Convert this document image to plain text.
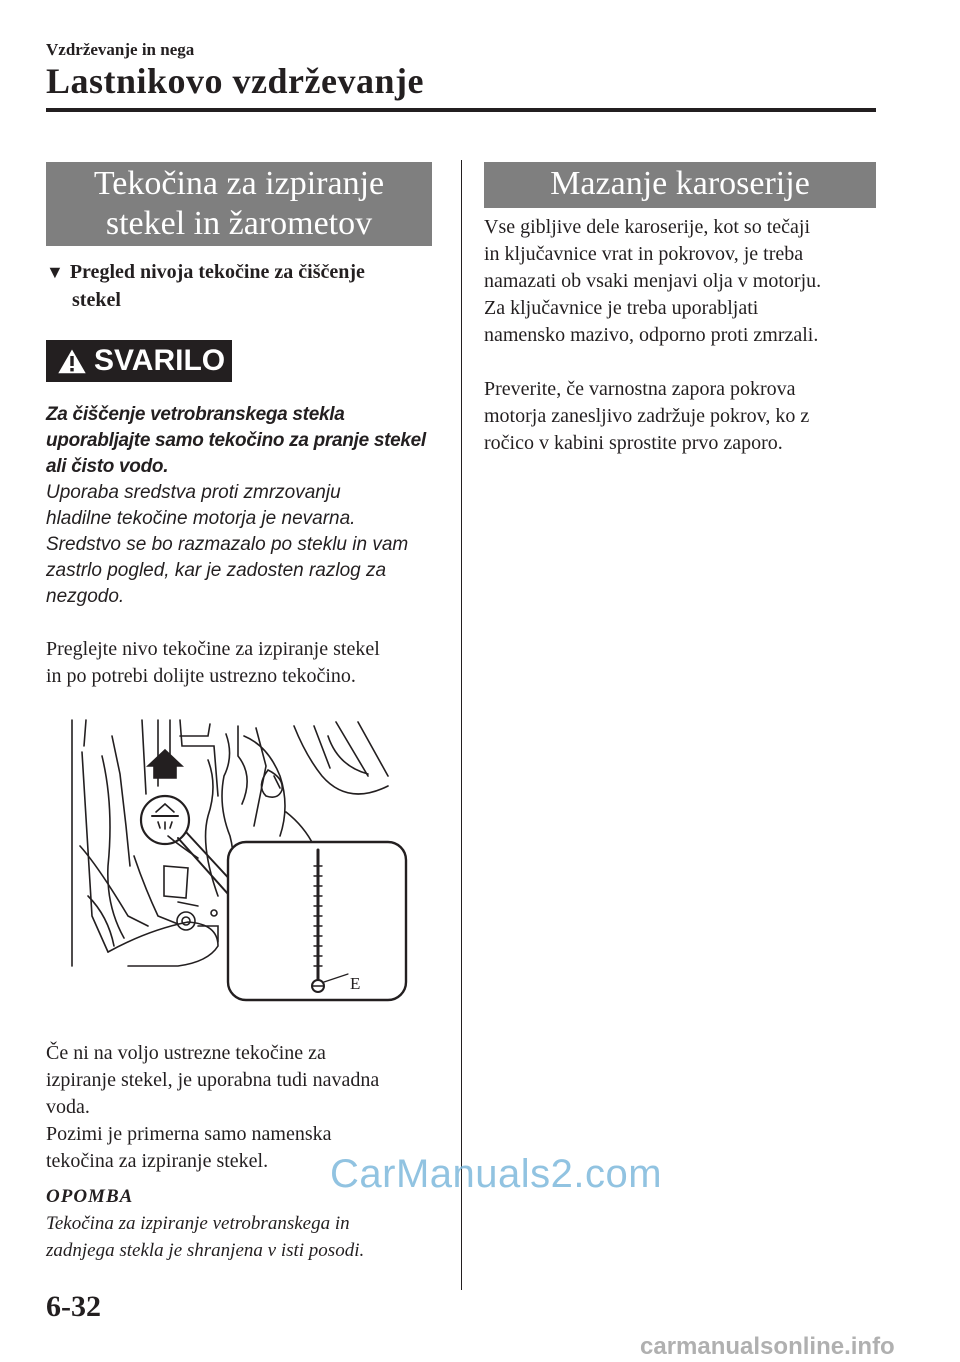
Vzdrževanje in nega
Lastnikovo vzdrževanje
Tekočina za izpiranje
stekel in žarometov
▼ Pregled nivoja tekočine za čiščenje
stekel
SVARILO
Za čiščenje vetrobranskega stekla
uporabljajte samo tekočino za pranje stekel
ali čisto vodo.
Uporaba sredstva proti zmrzovanju
hladilne tekočine motorja je nevarna.
Sredstvo se bo razmazalo po steklu in vam
zastrlo pogled, kar je zadosten razlog za
nezgodo.

Preglejte nivo tekočine za izpiranje stekel

in po potrebi dolijte ustrezno tekočino.

E

Če ni na voljo ustrezne tekočine za

izpiranje stekel, je uporabna tudi navadna

voda.

Pozimi je primerna samo namenska

tekočina za izpiranje stekel.

OPOMBA

Tekočina za izpiranje vetrobranskega in

zadnjega stekla je shranjena v isti posodi.

Mazanje karoserije

Vse gibljive dele karoserije, kot so tečaji

in ključavnice vrat in pokrovov, je treba

namazati ob vsaki menjavi olja v motorju.

Za ključavnice je treba uporabljati

namensko mazivo, odporno proti zmrzali.

Preverite, če varnostna zapora pokrova

motorja zanesljivo zadržuje pokrov, ko z

ročico v kabini sprostite prvo zaporo.

6-32
CarManuals2.com
carmanualsonline.info
